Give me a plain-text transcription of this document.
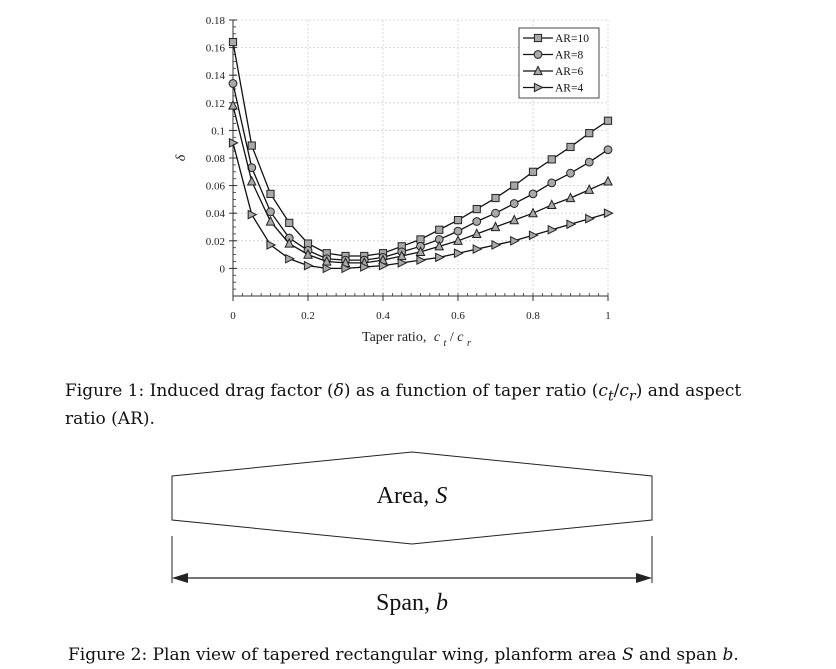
0
0.02
0.04
0.06
0.08
0.1
0.12
0.14
0.16
0.18
0	0.2	0.4	0.6	0.8	1
AR=10
AR=8
AR=6
AR=4
δ
Taper ratio, c $_t$ / c $_r$

Figure 1: Induced drag factor (δ) as a function of taper ratio $(c_t/c_r)$ and aspect ratio (AR).

Area, S
Span, b

Figure 2: Plan view of tapered rectangular wing, planform area S and span b.
